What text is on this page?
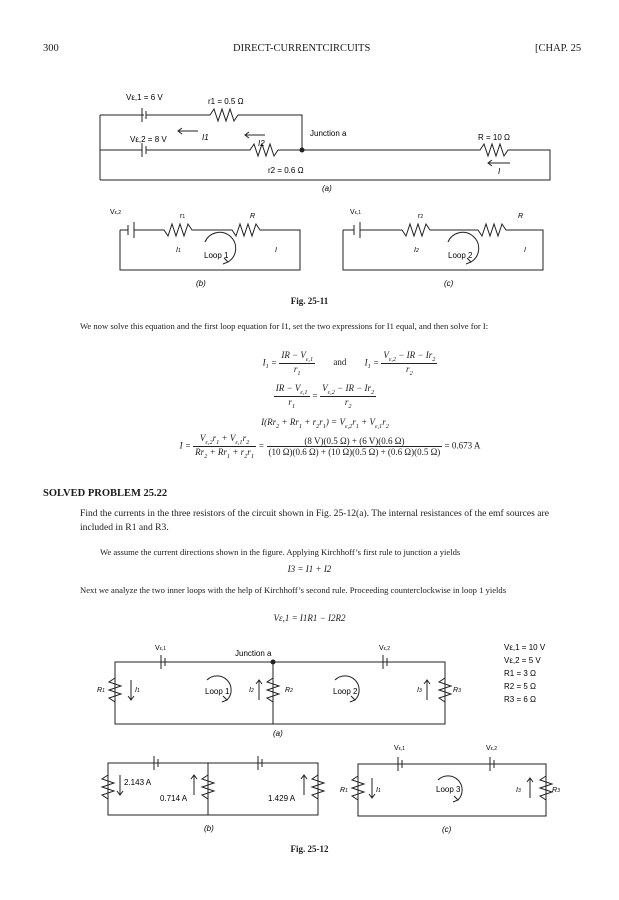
300	DIRECT-CURRENTCIRCUITS	[CHAP. 25
Vε,1 = 6 V	r1 = 0.5 Ω
Vε,2 = 8 V
r2 = 0.6 Ω
I1
I2
Junction a	R = 10 Ω
I
(a)
Vε,2	r1	R
I1	I
Loop 1
(b)
Vε,1	r2	R
I2	I
Loop 2
(c)
Fig. 25-11
We now solve this equation and the first loop equation for I1, set the two expressions for I1 equal, and then solve for I:
$I_1 = \frac{IR - V_{\varepsilon,1}}{r_1}$ and $I_1 = \frac{V_{\varepsilon,2} - IR - Ir_2}{r_2}$
$\frac{IR - V_{\varepsilon,1}}{r_1} = \frac{V_{\varepsilon,2} - IR - Ir_2}{r_2}$
$I(Rr_2 + Rr_1 + r_2r_1) = V_{\varepsilon,2}r_1 + V_{\varepsilon,1}r_2$
$I = \frac{V_{\varepsilon,2}r_1 + V_{\varepsilon,1}r_2}{Rr_2 + Rr_1 + r_2r_1} = \frac{(8 V)(0.5 \Omega) + (6 V)(0.6 \Omega)}{(10 \Omega)(0.6 \Omega) + (10 \Omega)(0.5 \Omega) + (0.6 \Omega)(0.5 \Omega)} = 0.673$ A
SOLVED PROBLEM 25.22
Find the currents in the three resistors of the circuit shown in Fig. 25-12(a). The internal resistances of the emf sources are included in R1 and R3.
We assume the current directions shown in the figure. Applying Kirchhoff’s first rule to junction a yields
I3 = I1 + I2
Next we analyze the two inner loops with the help of Kirchhoff’s second rule. Proceeding counterclockwise in loop 1 yields
Vε,1 = I1R1 − I2R2
Vε,1	Vε,2
R1	I1	I2	R2	I3	R3
Junction a
Loop 1	Loop 2
(a)
Vε,1 = 10 V
Vε,2 = 5 V
R1 = 3 Ω
R2 = 5 Ω
R3 = 6 Ω
2.143 A
0.714 A	1.429 A
(b)
Vε,1	Vε,2
R1	I1	I3	R3
Loop 3
(c)
Fig. 25-12
